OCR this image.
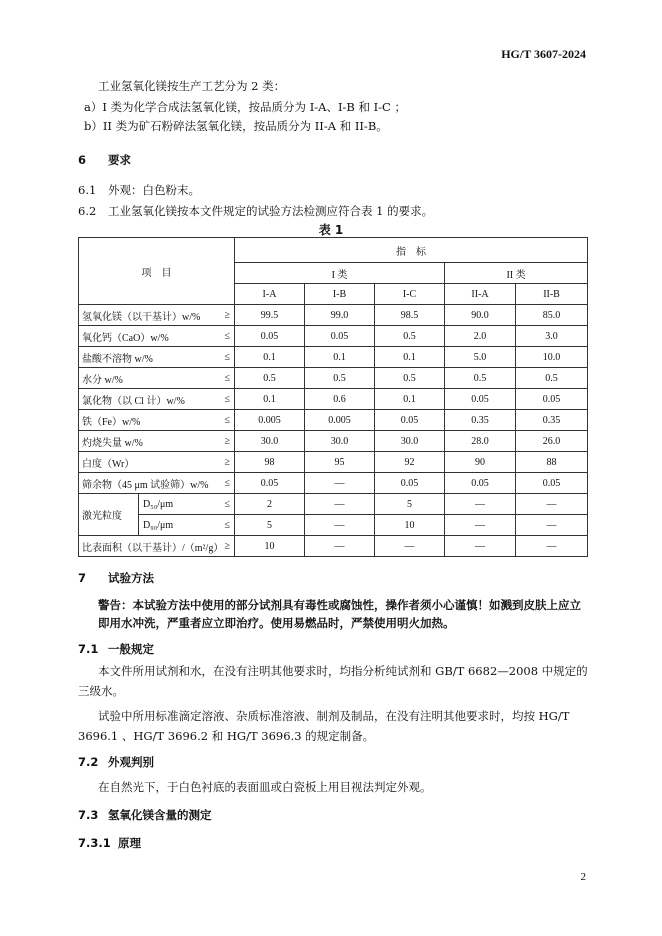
HG/T 3607-2024
工业氢氧化镁按生产工艺分为 2 类：
a）I 类为化学合成法氢氧化镁，按品质分为 I-A、I-B 和 I-C ；
b）II 类为矿石粉碎法氢氧化镁，按品质分为 II-A 和 II-B。
6 要求
6.1 外观：白色粉末。
6.2 工业氢氧化镁按本文件规定的试验方法检测应符合表 1 的要求。
表 1
项　目		指　标				
		I 类			II 类	
		I-A	I-B	I-C	II-A	II-B
氢氧化镁（以干基计）w/% ≥		99.5	99.0	98.5	90.0	85.0
氧化钙（CaO）w/% ≤		0.05	0.05	0.5	2.0	3.0
盐酸不溶物 w/% ≤		0.1	0.1	0.1	5.0	10.0
水分 w/% ≤		0.5	0.5	0.5	0.5	0.5
氯化物（以 Cl 计）w/% ≤		0.1	0.6	0.1	0.05	0.05
铁（Fe）w/% ≤		0.005	0.005	0.05	0.35	0.35
灼烧失量 w/% ≥		30.0	30.0	30.0	28.0	26.0
白度（Wr） ≥		98	95	92	90	88
筛余物（45 μm 试验筛）w/% ≤		0.05	—	0.05	0.05	0.05
激光粒度	D₅₀/μm ≤	2	—	5	—	—
	D₉₀/μm ≤	5	—	10	—	—
比表面积（以干基计）/（m²/g） ≥		10	—	—	—	—
7 试验方法
警告：本试验方法中使用的部分试剂具有毒性或腐蚀性，操作者须小心谨慎！如溅到皮肤上应立即用水冲洗，严重者应立即治疗。使用易燃品时，严禁使用明火加热。
7.1 一般规定
本文件所用试剂和水，在没有注明其他要求时，均指分析纯试剂和 GB/T 6682—2008 中规定的三级水。
试验中所用标准滴定溶液、杂质标准溶液、制剂及制品，在没有注明其他要求时，均按 HG/T 3696.1 、HG/T 3696.2 和 HG/T 3696.3 的规定制备。
7.2 外观判别
在自然光下，于白色衬底的表面皿或白瓷板上用目视法判定外观。
7.3 氢氧化镁含量的测定
7.3.1 原理
2
